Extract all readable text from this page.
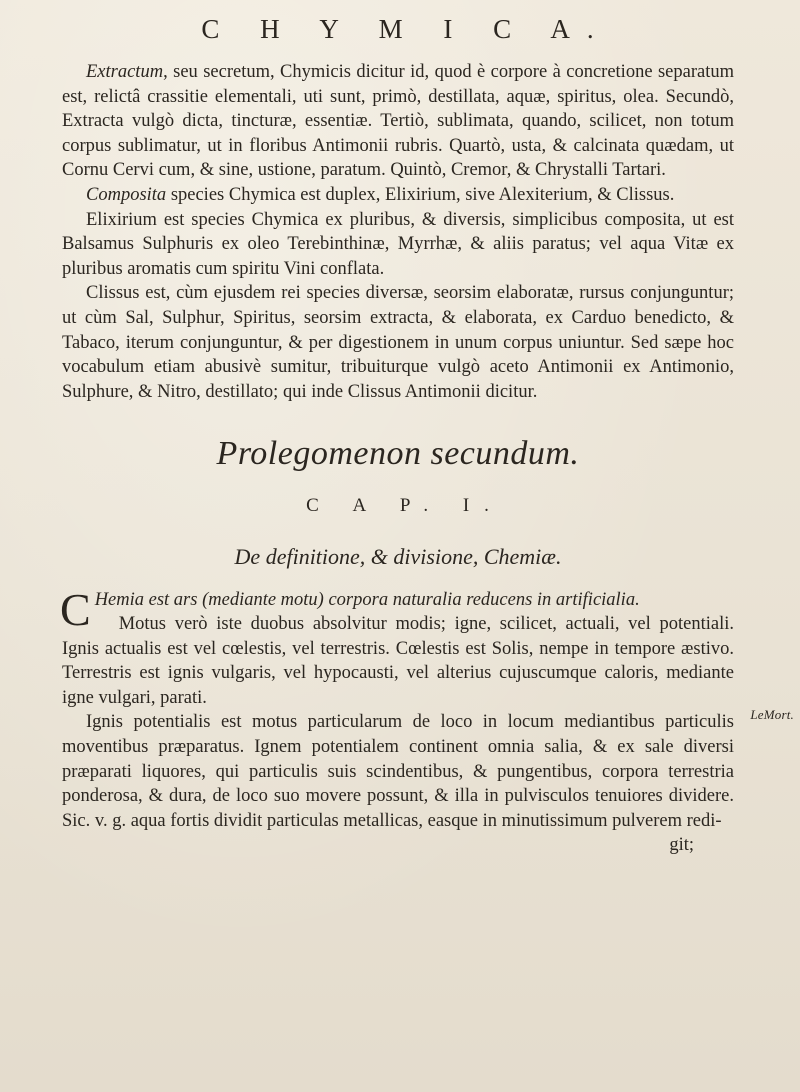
C H Y M I C A.
LeMort.

Extractum, seu secretum, Chymicis dicitur id, quod è corpore à concretione separatum est, relictâ crassitie elementali, uti sunt, primò, destillata, aquæ, spiritus, olea. Secundò, Extracta vulgò dicta, tincturæ, essentiæ. Tertiò, sublimata, quando, scilicet, non totum corpus sublimatur, ut in floribus Antimonii rubris. Quartò, usta, & calcinata quædam, ut Cornu Cervi cum, & sine, ustione, paratum. Quintò, Cremor, & Chrystalli Tartari.

Composita species Chymica est duplex, Elixirium, sive Alexiterium, & Clissus.

Elixirium est species Chymica ex pluribus, & diversis, simplicibus composita, ut est Balsamus Sulphuris ex oleo Terebinthinæ, Myrrhæ, & aliis paratus; vel aqua Vitæ ex pluribus aromatis cum spiritu Vini conflata.

Clissus est, cùm ejusdem rei species diversæ, seorsim elaboratæ, rursus conjunguntur; ut cùm Sal, Sulphur, Spiritus, seorsim extracta, & elaborata, ex Carduo benedicto, & Tabaco, iterum conjunguntur, & per digestionem in unum corpus uniuntur. Sed sæpe hoc vocabulum etiam abusivè sumitur, tribuiturque vulgò aceto Antimonii ex Antimonio, Sulphure, & Nitro, destillato; qui inde Clissus Antimonii dicitur.

Prolegomenon secundum.
C A P. I.
De definitione, & divisione, Chemiæ.

C Hemia est ars (mediante motu) corpora naturalia reducens in artificialia.

Motus verò iste duobus absolvitur modis; igne, scilicet, actuali, vel potentiali. Ignis actualis est vel cœlestis, vel terrestris. Cœlestis est Solis, nempe in tempore æstivo. Terrestris est ignis vulgaris, vel hypocausti, vel alterius cujuscumque caloris, mediante igne vulgari, parati.

Ignis potentialis est motus particularum de loco in locum mediantibus particulis moventibus præparatus. Ignem potentialem continent omnia salia, & ex sale diversi præparati liquores, qui particulis suis scindentibus, & pungentibus, corpora terrestria ponderosa, & dura, de loco suo movere possunt, & illa in pulvisculos tenuiores dividere. Sic. v. g. aqua fortis dividit particulas metallicas, easque in minutissimum pulverem redi-

git;
